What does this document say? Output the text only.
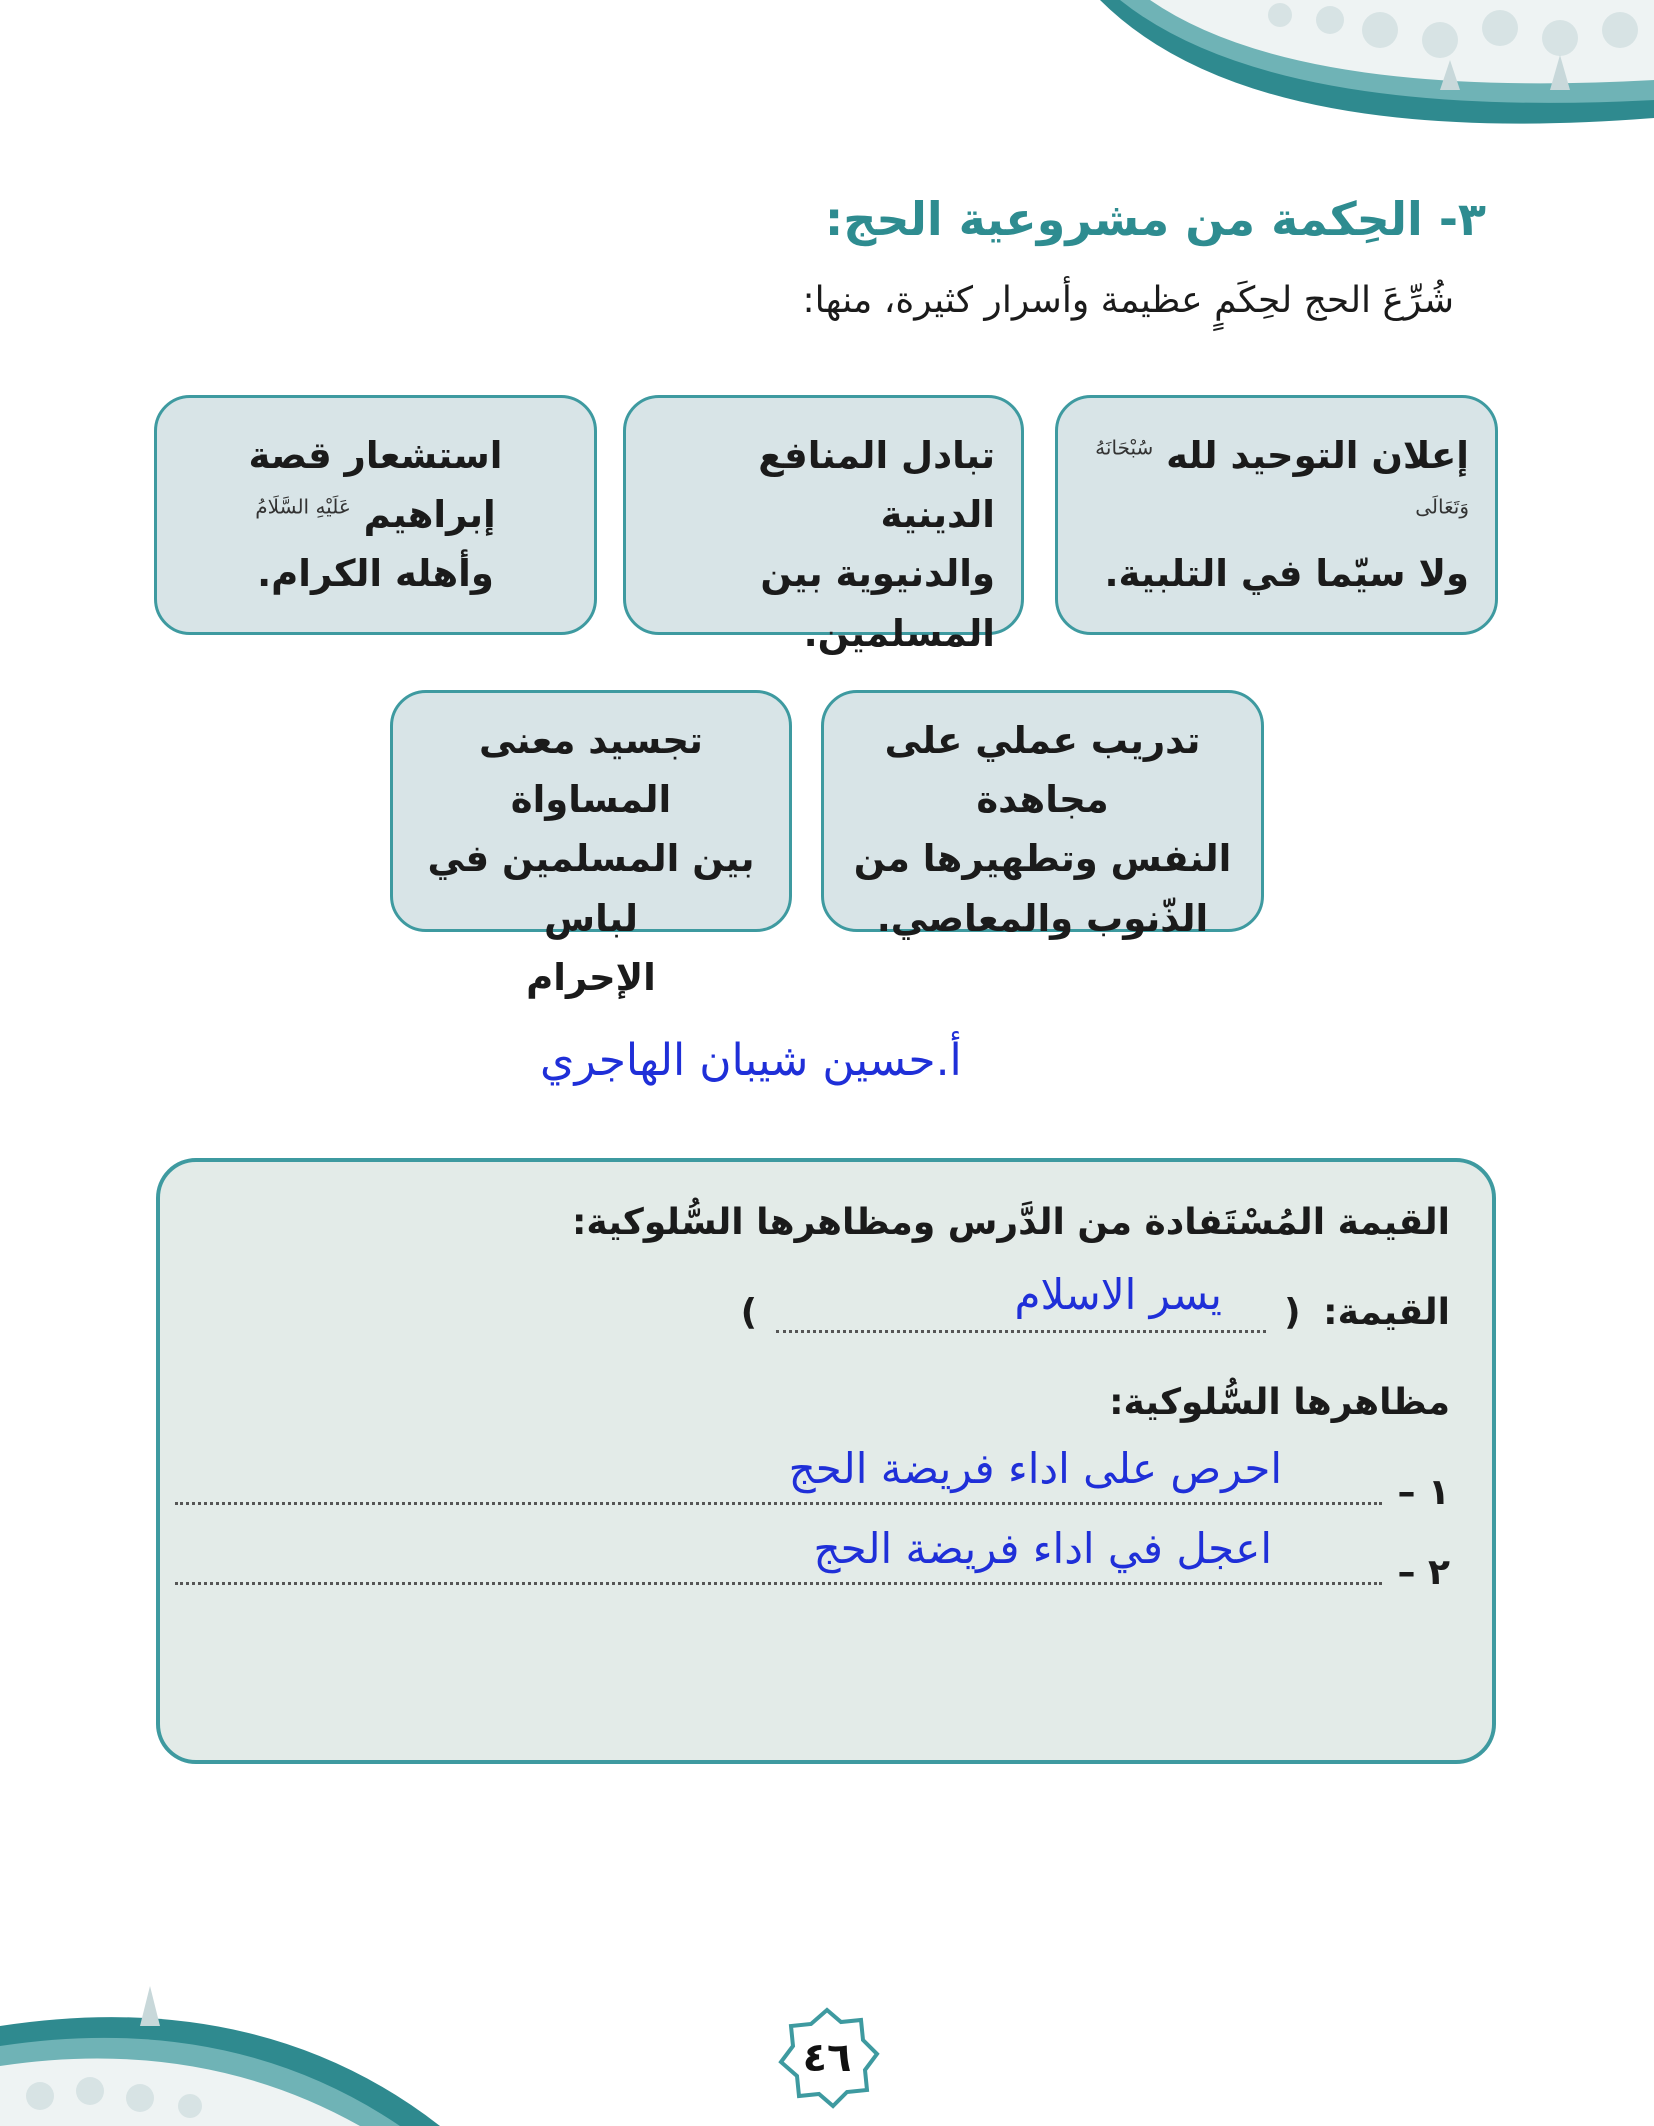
٣- الحِكمة من مشروعية الحج:

شُرِّعَ الحج لحِكَمٍ عظيمة وأسرار كثيرة، منها:

إعلان التوحيد لله $^{سُبْحَانَهُ وَتَعَالَى}$
ولا سيّما في التلبية.
تبادل المنافع الدينية
والدنيوية بين المسلمين.
استشعار قصة إبراهيم $^{عَلَيْهِ السَّلَامُ}$
وأهله الكرام.
تدريب عملي على مجاهدة
النفس وتطهيرها من
الذّنوب والمعاصي.
تجسيد معنى المساواة
بين المسلمين في لباس
الإحرام

أ.حسين شيبان الهاجري

القيمة المُسْتَفادة من الدَّرس ومظاهرها السُّلوكية:
القيمة: (  )	يسر الاسلام
مظاهرها السُّلوكية:
١ –
احرص على اداء فريضة الحج
٢ –
اعجل في اداء فريضة الحج
٤٦
